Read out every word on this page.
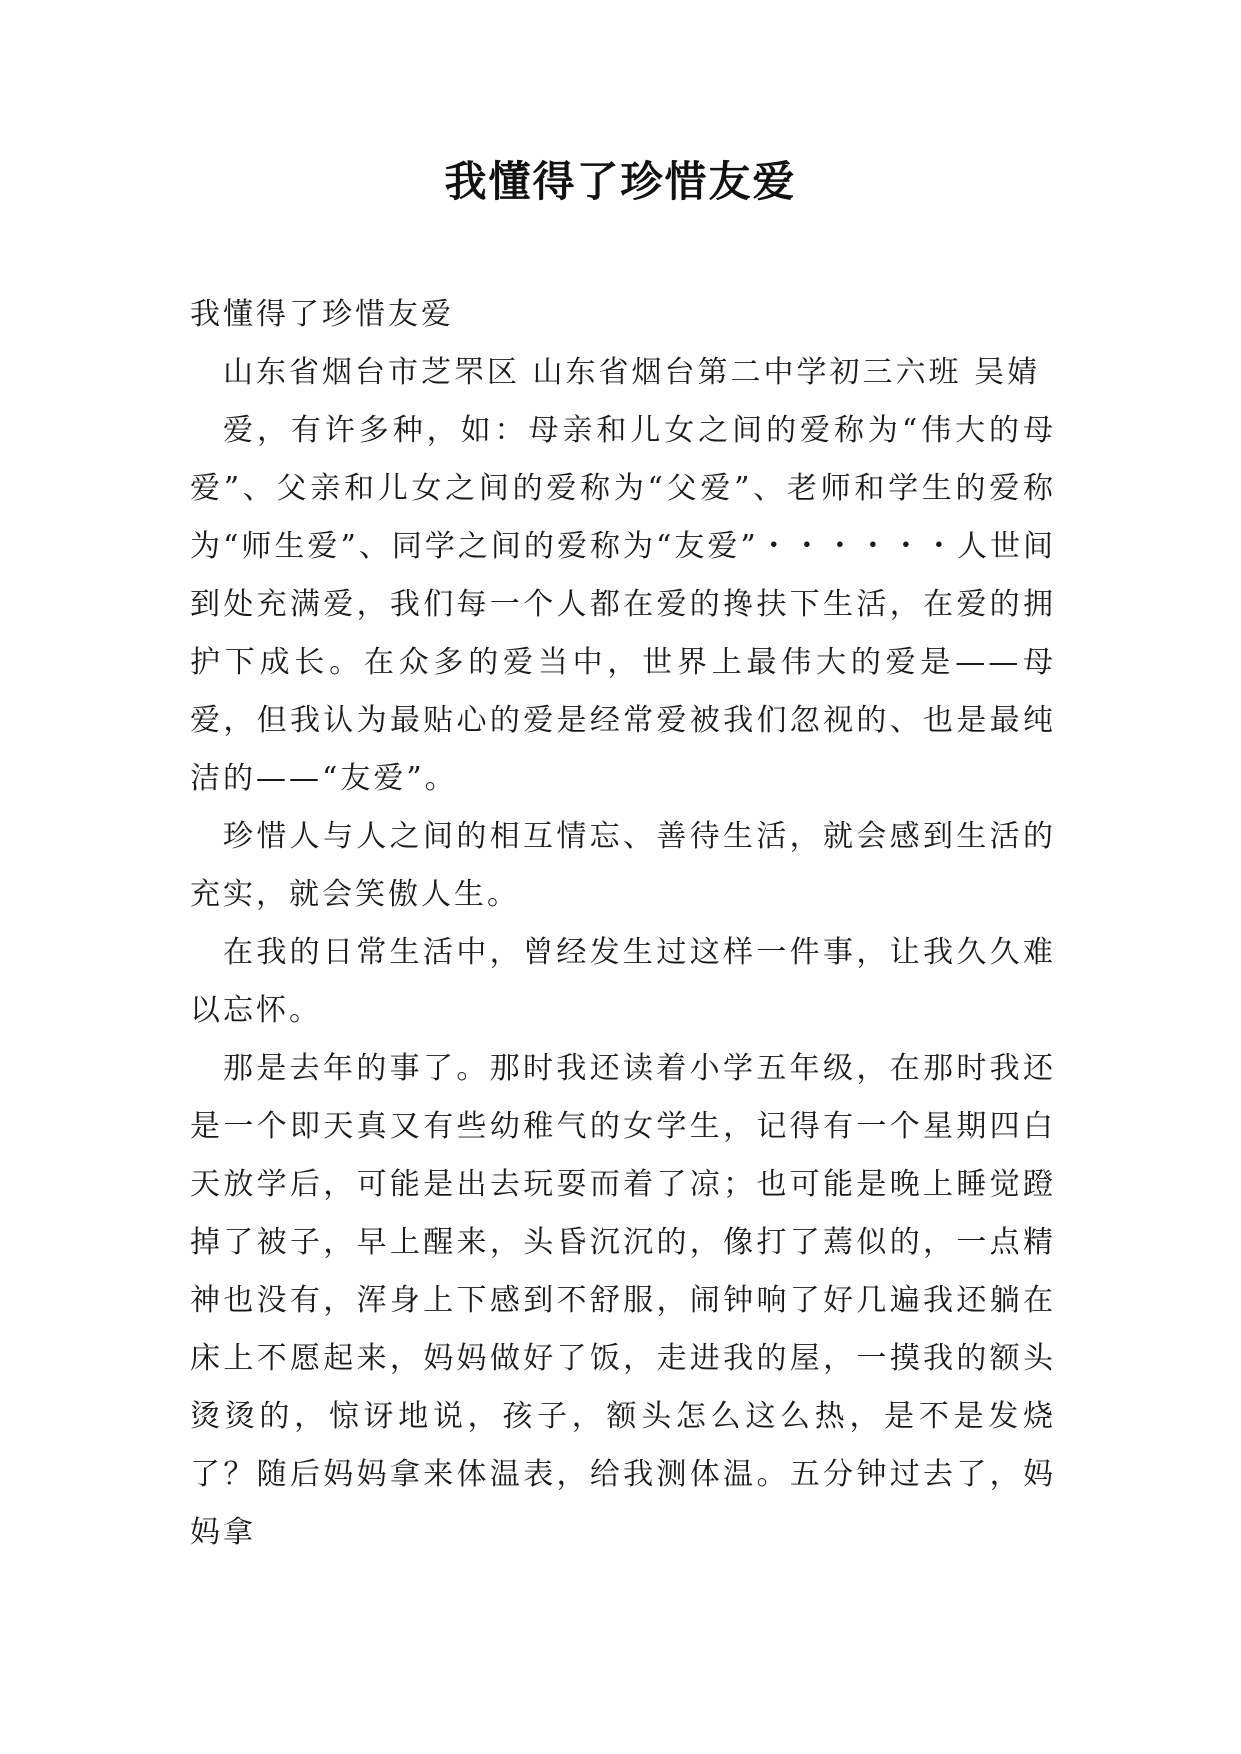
我懂得了珍惜友爱

我懂得了珍惜友爱

山东省烟台市芝罘区 山东省烟台第二中学初三六班 吴婧

爱，有许多种，如：母亲和儿女之间的爱称为“伟大的母爱”、父亲和儿女之间的爱称为“父爱”、老师和学生的爱称为“师生爱”、同学之间的爱称为“友爱”・・・・・・人世间到处充满爱，我们每一个人都在爱的搀扶下生活，在爱的拥护下成长。在众多的爱当中，世界上最伟大的爱是——母爱，但我认为最贴心的爱是经常爱被我们忽视的、也是最纯洁的——“友爱”。

珍惜人与人之间的相互情忘、善待生活，就会感到生活的充实，就会笑傲人生。

在我的日常生活中，曾经发生过这样一件事，让我久久难以忘怀。

那是去年的事了。那时我还读着小学五年级，在那时我还是一个即天真又有些幼稚气的女学生，记得有一个星期四白天放学后，可能是出去玩耍而着了凉；也可能是晚上睡觉蹬掉了被子，早上醒来，头昏沉沉的，像打了蔫似的，一点精神也没有，浑身上下感到不舒服，闹钟响了好几遍我还躺在床上不愿起来，妈妈做好了饭，走进我的屋，一摸我的额头烫烫的，惊讶地说，孩子，额头怎么这么热，是不是发烧了？随后妈妈拿来体温表，给我测体温。五分钟过去了，妈妈拿
